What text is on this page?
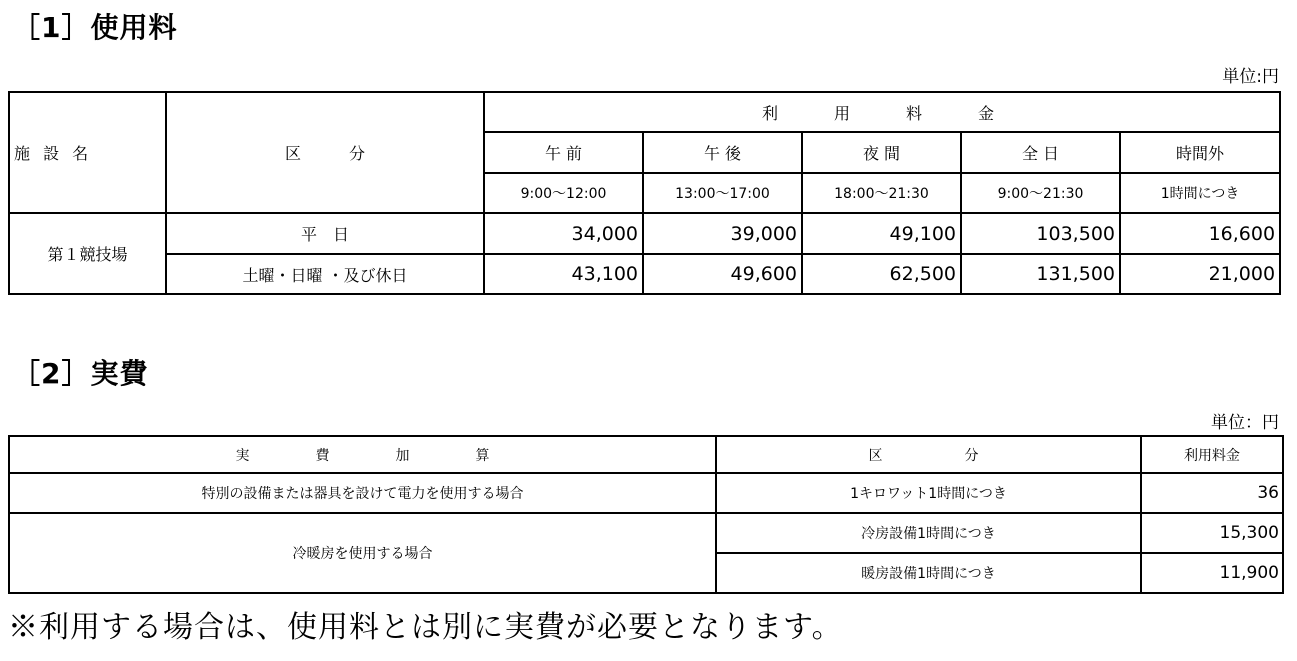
［1］使用料
単位:円
施 設 名	区　　　分	利　　用　　料　　金				
		午 前	午 後	夜 間	全 日	時間外
		9:00～12:00	13:00～17:00	18:00～21:30	9:00～21:30	1時間につき
第１競技場	平　日	34,000	39,000	49,100	103,500	16,600
	土曜・日曜 ・及び休日	43,100	49,600	62,500	131,500	21,000
［2］実費
単位：円
実　費　加　算	区　　　分	利用料金
特別の設備または器具を設けて電力を使用する場合	1キロワット1時間につき	36
冷暖房を使用する場合	冷房設備1時間につき	15,300
	暖房設備1時間につき	11,900
※利用する場合は、使用料とは別に実費が必要となります。
